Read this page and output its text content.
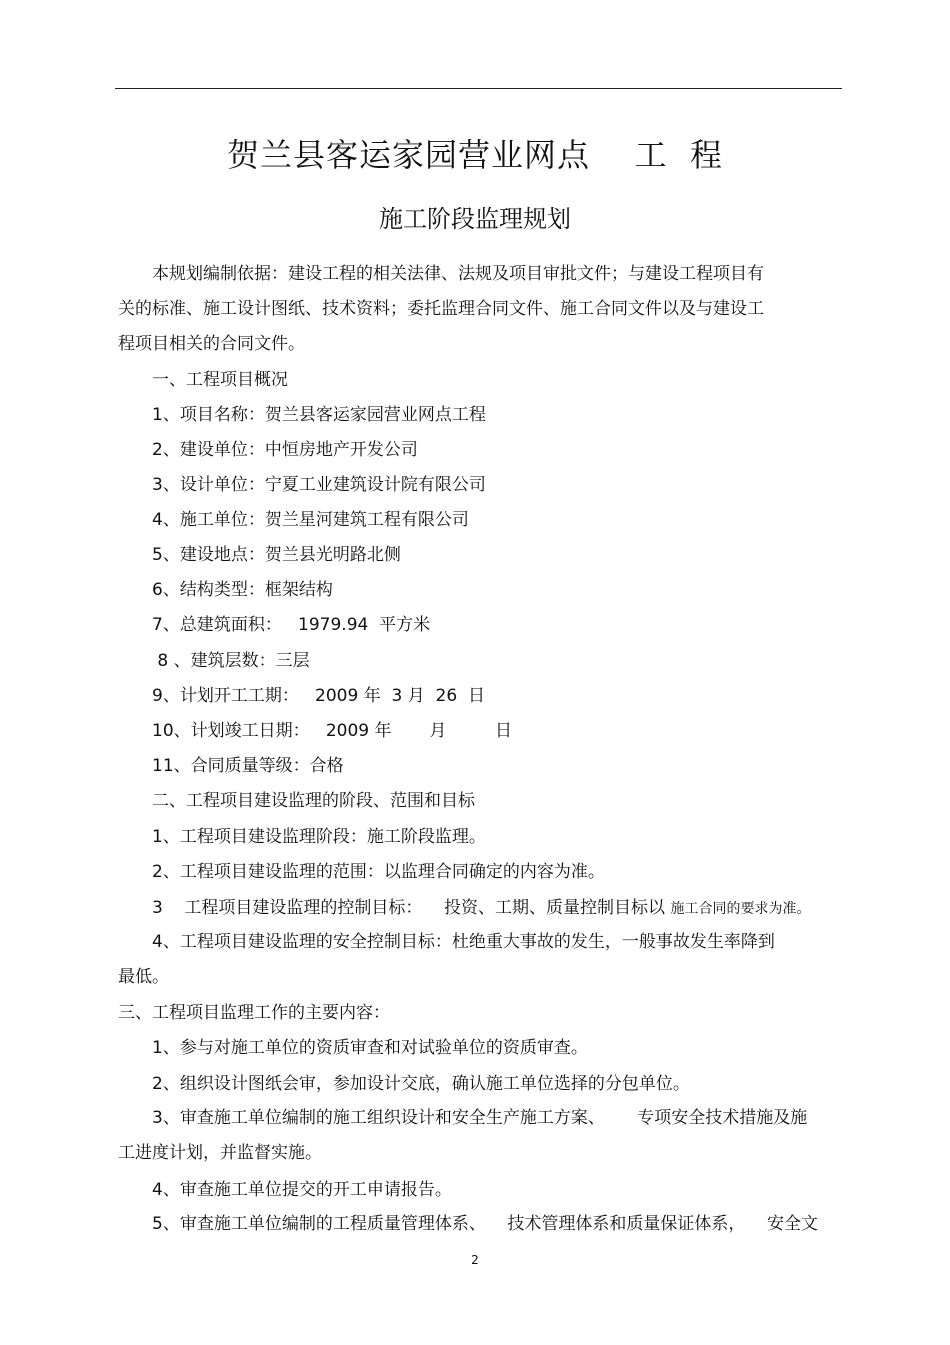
贺兰县客运家园营业网点    工  程
施工阶段监理规划
本规划编制依据：建设工程的相关法律、法规及项目审批文件；与建设工程项目有
关的标准、施工设计图纸、技术资料；委托监理合同文件、施工合同文件以及与建设工
程项目相关的合同文件。
一、工程项目概况
1、项目名称：贺兰县客运家园营业网点工程
2、建设单位：中恒房地产开发公司
3、设计单位：宁夏工业建筑设计院有限公司
4、施工单位：贺兰星河建筑工程有限公司
5、建设地点：贺兰县光明路北侧
6、结构类型：框架结构
7、总建筑面积：   1979.94  平方米
8 、建筑层数：三层
9、计划开工工期：   2009 年  3 月  26  日
10、计划竣工日期：   2009 年       月         日
11、合同质量等级：合格
二、工程项目建设监理的阶段、范围和目标
1、工程项目建设监理阶段：施工阶段监理。
2、工程项目建设监理的范围：以监理合同确定的内容为准。
3    工程项目建设监理的控制目标：    投资、工期、质量控制目标以 施工合同的要求为准。
4、工程项目建设监理的安全控制目标：杜绝重大事故的发生，一般事故发生率降到
最低。
三、工程项目监理工作的主要内容：
1、参与对施工单位的资质审查和对试验单位的资质审查。
2、组织设计图纸会审，参加设计交底，确认施工单位选择的分包单位。
3、审查施工单位编制的施工组织设计和安全生产施工方案、      专项安全技术措施及施
工进度计划，并监督实施。
4、审查施工单位提交的开工申请报告。
5、审查施工单位编制的工程质量管理体系、    技术管理体系和质量保证体系，    安全文
2
